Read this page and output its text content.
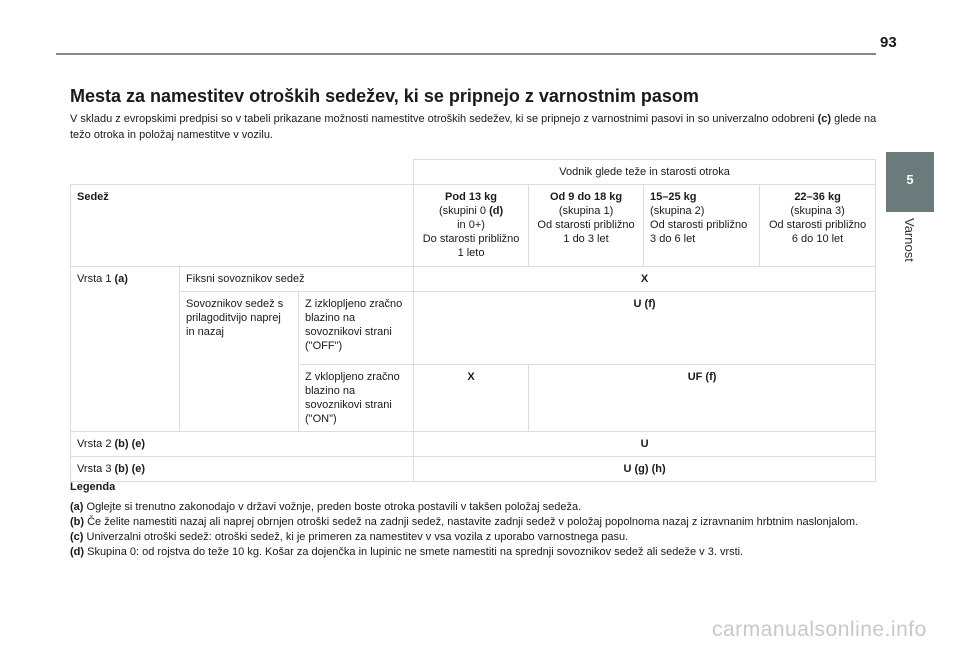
93
5
Varnost
Mesta za namestitev otroških sedežev, ki se pripnejo z varnostnim pasom

V skladu z evropskimi predpisi so v tabeli prikazane možnosti namestitve otroških sedežev, ki se pripnejo z varnostnimi pasovi in so univerzalno odobreni (c) glede na težo otroka in položaj namestitve v vozilu.

			Vodnik glede teže in starosti otroka			
Sedež			Pod 13 kg
(skupini 0 (d)
in 0+)
Do starosti približno 1 leto	Od 9 do 18 kg
(skupina 1)
Od starosti približno 1 do 3 let	15–25 kg
(skupina 2)
Od starosti približno 3 do 6 let	22–36 kg
(skupina 3)
Od starosti približno 6 do 10 let
Vrsta 1 (a)	Fiksni sovoznikov sedež		X			
	Sovoznikov sedež s prilagoditvijo naprej in nazaj	Z izklopljeno zračno blazino na sovoznikovi strani ("OFF")	U (f)			
		Z vklopljeno zračno blazino na sovoznikovi strani ("ON")	X	UF (f)		
Vrsta 2 (b) (e)			U			
Vrsta 3 (b) (e)			U (g) (h)			
Legenda

(a) Oglejte si trenutno zakonodajo v državi vožnje, preden boste otroka postavili v takšen položaj sedeža.

(b) Če želite namestiti nazaj ali naprej obrnjen otroški sedež na zadnji sedež, nastavite zadnji sedež v položaj popolnoma nazaj z izravnanim hrbtnim naslonjalom.

(c) Univerzalni otroški sedež: otroški sedež, ki je primeren za namestitev v vsa vozila z uporabo varnostnega pasu.

(d) Skupina 0: od rojstva do teže 10 kg. Košar za dojenčka in lupinic ne smete namestiti na sprednji sovoznikov sedež ali sedeže v 3. vrsti.

carmanualsonline.info
